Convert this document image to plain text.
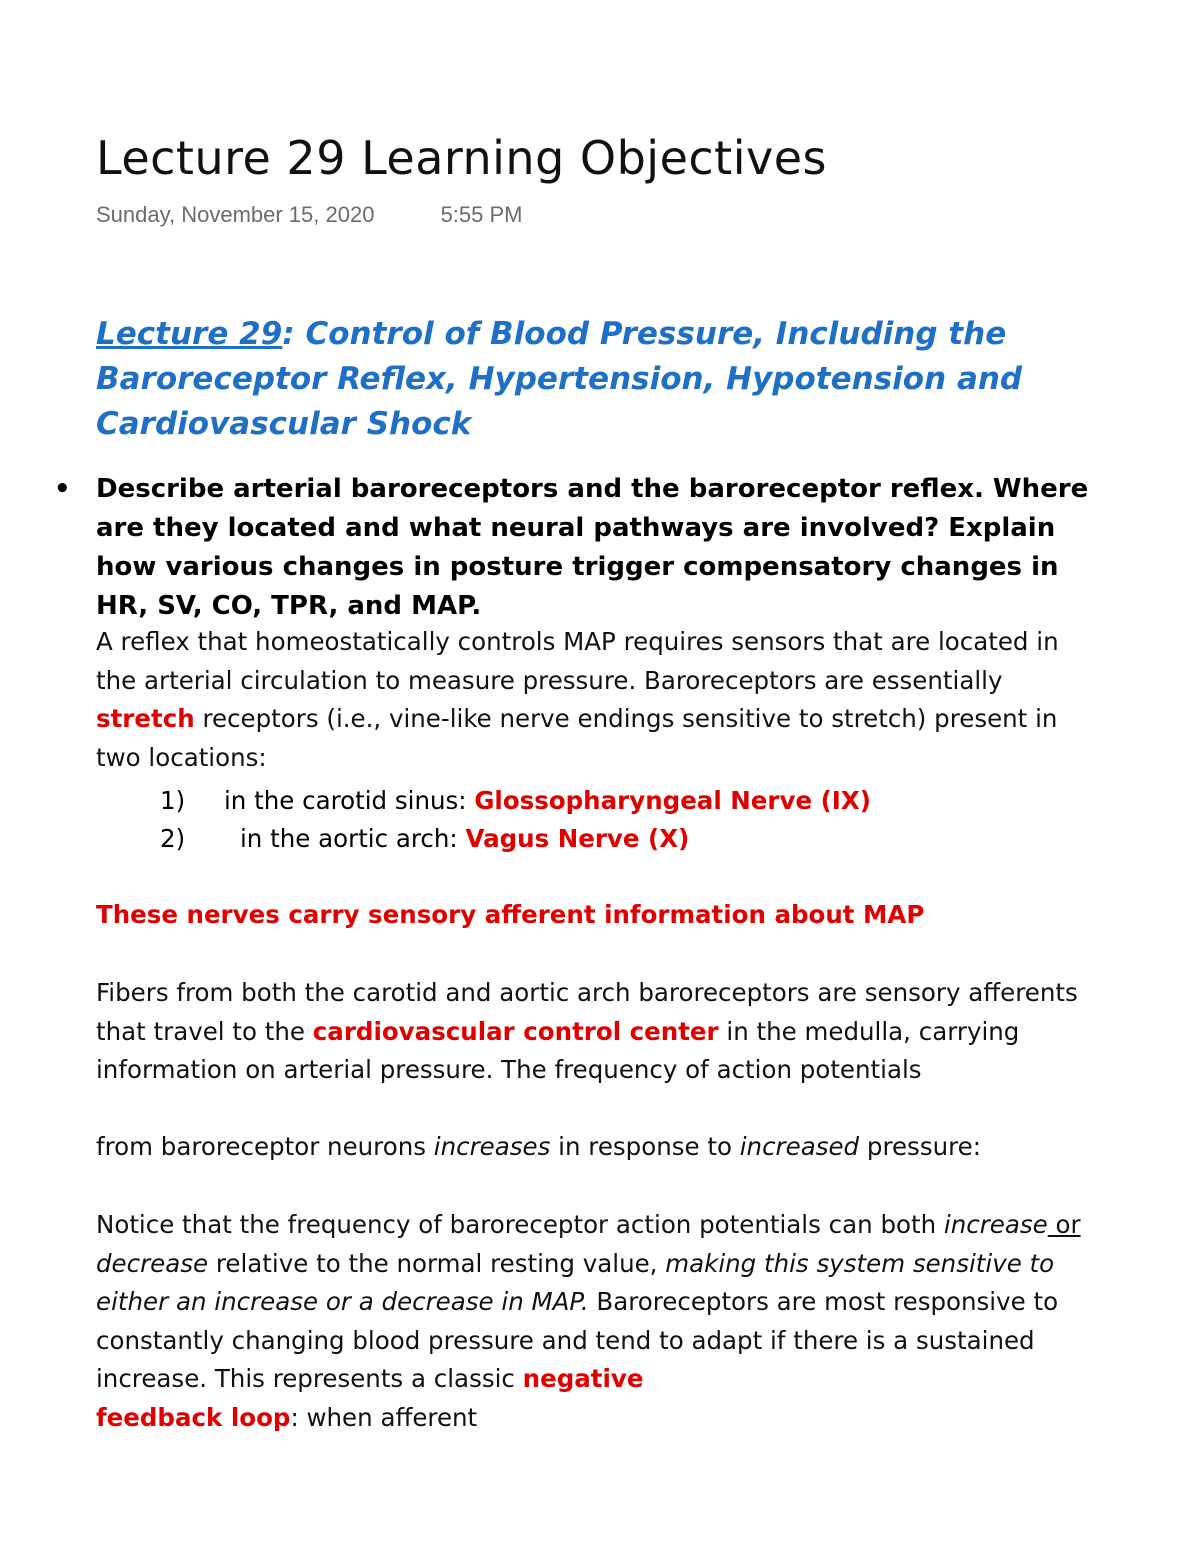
Lecture 29 Learning Objectives
Sunday, November 15, 2020	5:55 PM
Lecture 29: Control of Blood Pressure, Including the
Baroreceptor Reflex, Hypertension, Hypotension and
Cardiovascular Shock
• Describe arterial baroreceptors and the baroreceptor reflex. Where are they located and what neural pathways are involved? Explain how various changes in posture trigger compensatory changes in HR, SV, CO, TPR, and MAP.
A reflex that homeostatically controls MAP requires sensors that are located in the arterial circulation to measure pressure. Baroreceptors are essentially stretch receptors (i.e., vine-like nerve endings sensitive to stretch) present in two locations:
1) in the carotid sinus: Glossopharyngeal Nerve (IX)
2) in the aortic arch: Vagus Nerve (X)
These nerves carry sensory afferent information about MAP
Fibers from both the carotid and aortic arch baroreceptors are sensory afferents that travel to the cardiovascular control center in the medulla, carrying information on arterial pressure. The frequency of action potentials
from baroreceptor neurons increases in response to increased pressure:
Notice that the frequency of baroreceptor action potentials can both increase or decrease relative to the normal resting value, making this system sensitive to either an increase or a decrease in MAP. Baroreceptors are most responsive to constantly changing blood pressure and tend to adapt if there is a sustained increase. This represents a classic negative
feedback loop: when afferent
